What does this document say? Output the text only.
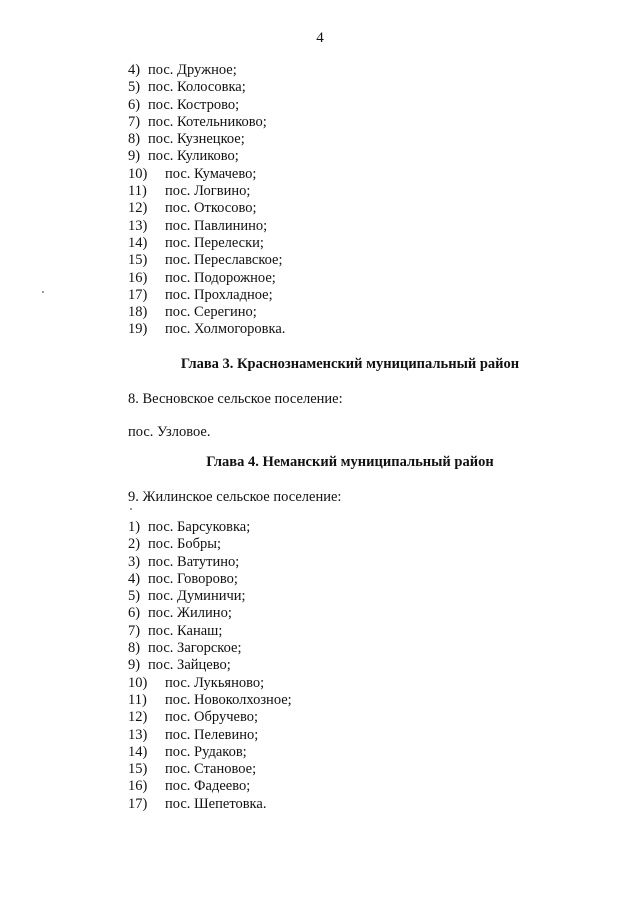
4
4) пос. Дружное;
5) пос. Колосовка;
6) пос. Кострово;
7) пос. Котельниково;
8) пос. Кузнецкое;
9) пос. Куликово;
10) пос. Кумачево;
11) пос. Логвино;
12) пос. Откосово;
13) пос. Павлинино;
14) пос. Перелески;
15) пос. Переславское;
16) пос. Подорожное;
17) пос. Прохладное;
18) пос. Серегино;
19) пос. Холмогоровка.
Глава 3. Краснознаменский муниципальный район
8. Весновское сельское поселение:
пос. Узловое.
Глава 4. Неманский муниципальный район
9. Жилинское сельское поселение:
1) пос. Барсуковка;
2) пос. Бобры;
3) пос. Ватутино;
4) пос. Говорово;
5) пос. Думиничи;
6) пос. Жилино;
7) пос. Канаш;
8) пос. Загорское;
9) пос. Зайцево;
10) пос. Лукьяново;
11) пос. Новоколхозное;
12) пос. Обручево;
13) пос. Пелевино;
14) пос. Рудаков;
15) пос. Становое;
16) пос. Фадеево;
17) пос. Шепетовка.
